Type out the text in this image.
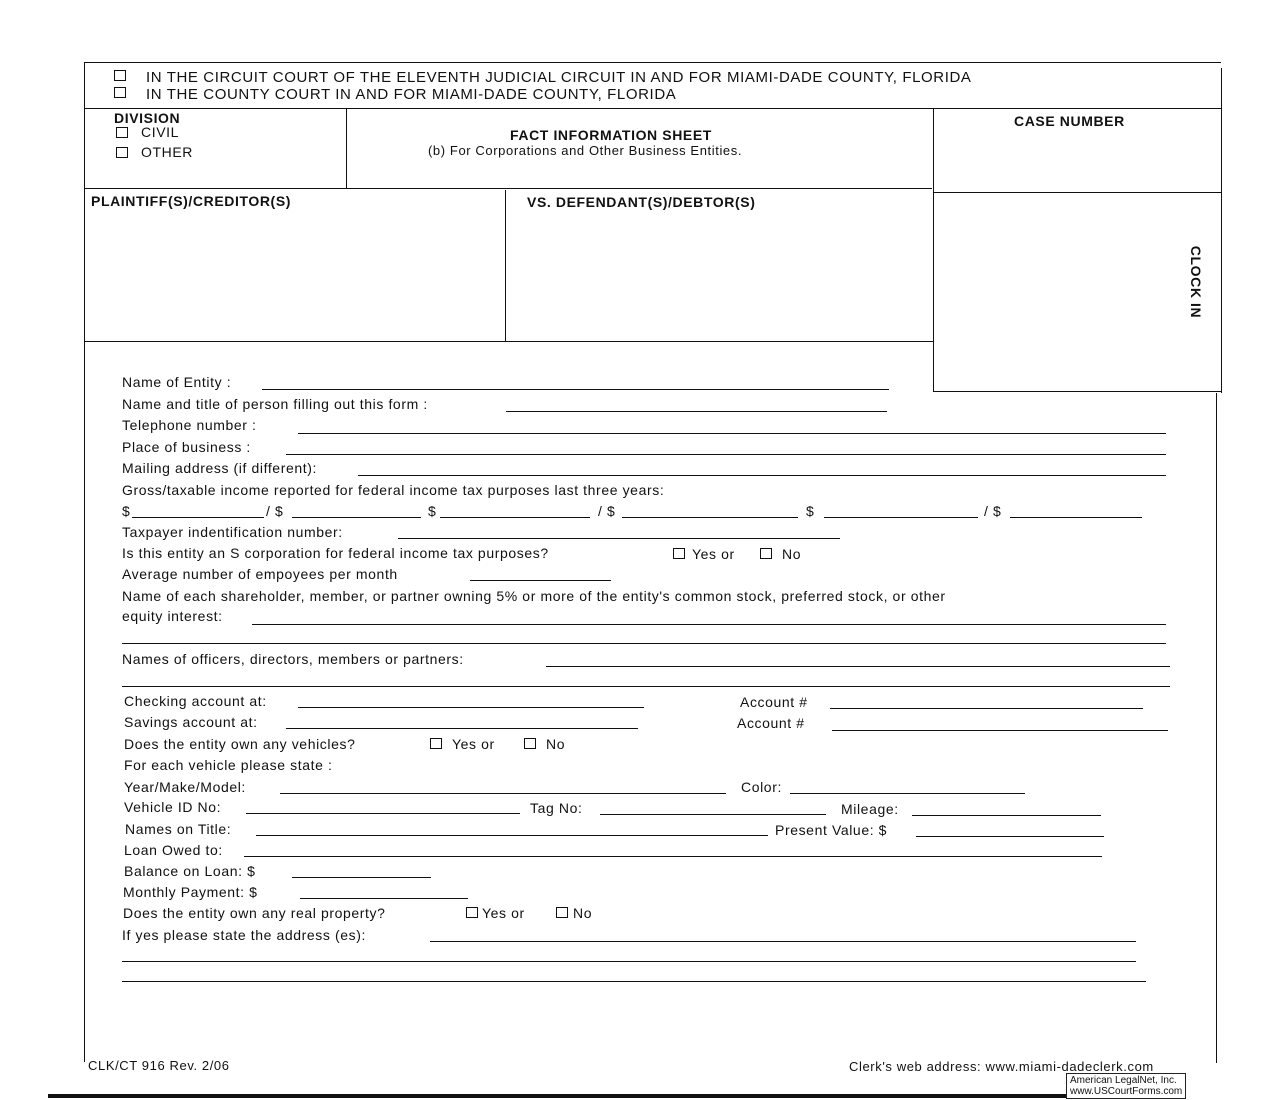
IN THE CIRCUIT COURT OF THE ELEVENTH JUDICIAL CIRCUIT IN AND FOR MIAMI-DADE COUNTY, FLORIDA
IN THE COUNTY COURT IN AND FOR MIAMI-DADE COUNTY, FLORIDA
DIVISION
CIVIL
OTHER
FACT INFORMATION SHEET
(b) For Corporations and Other Business Entities.
CASE NUMBER
PLAINTIFF(S)/CREDITOR(S)	VS. DEFENDANT(S)/DEBTOR(S)
CLOCK IN
Name of Entity :
Name and title of person filling out this form :
Telephone number :
Place of business :
Mailing address (if different):
Gross/taxable income reported for federal income tax purposes last three years:
$	/ $	$	/ $	$	/ $
Taxpayer indentification number:
Is this entity an S corporation for federal income tax purposes?	Yes or	No
Average number of empoyees per month
Name of each shareholder, member, or partner owning 5% or more of the entity's common stock, preferred stock, or other
equity interest:
Names of officers, directors, members or partners:
Checking account at:	Account #
Savings account at:	Account #
Does the entity own any vehicles?	Yes or	No
For each vehicle please state :
Year/Make/Model:	Color:
Vehicle ID No:	Tag No:	Mileage:
Names on Title:	Present Value: $
Loan Owed to:
Balance on Loan: $
Monthly Payment: $
Does the entity own any real property?	Yes or	No
If yes please state the address (es):
CLK/CT 916 Rev. 2/06	Clerk's web address: www.miami-dadeclerk.com
American LegalNet, Inc.
www.USCourtForms.com
